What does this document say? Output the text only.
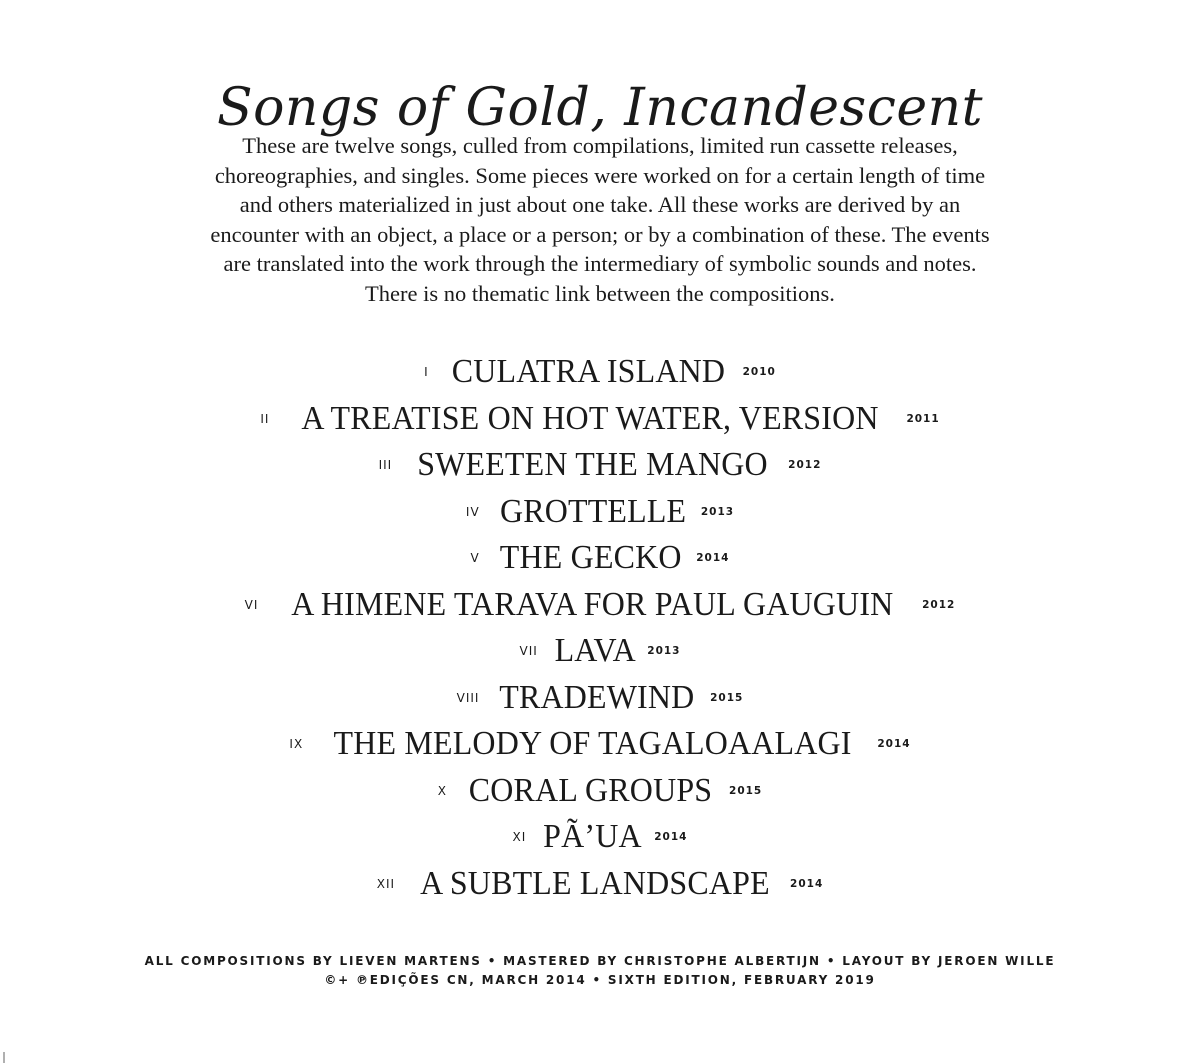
Songs of Gold, Incandescent
These are twelve songs, culled from compilations, limited run cassette releases,
choreographies, and singles. Some pieces were worked on for a certain length of time
and others materialized in just about one take. All these works are derived by an
encounter with an object, a place or a person; or by a combination of these. The events
are translated into the work through the intermediary of symbolic sounds and notes.
There is no thematic link between the compositions.
I CULATRA ISLAND 2010
II A TREATISE ON HOT WATER, VERSION	2011
III SWEETEN THE MANGO 2012
IV GROTTELLE 2013
V THE GECKO 2014
VI A HIMENE TARAVA FOR PAUL GAUGUIN	2012
VII LAVA 2013
VIII TRADEWIND 2015
IX THE MELODY OF TAGALOAALAGI 2014
X CORAL GROUPS 2015
XI PÃ’UA 2014
XII A SUBTLE LANDSCAPE 2014
ALL COMPOSITIONS BY LIEVEN MARTENS • MASTERED BY CHRISTOPHE ALBERTIJN • LAYOUT BY JEROEN WILLE
©+ ℗EDIÇÕES CN, MARCH 2014 • SIXTH EDITION, FEBRUARY 2019
